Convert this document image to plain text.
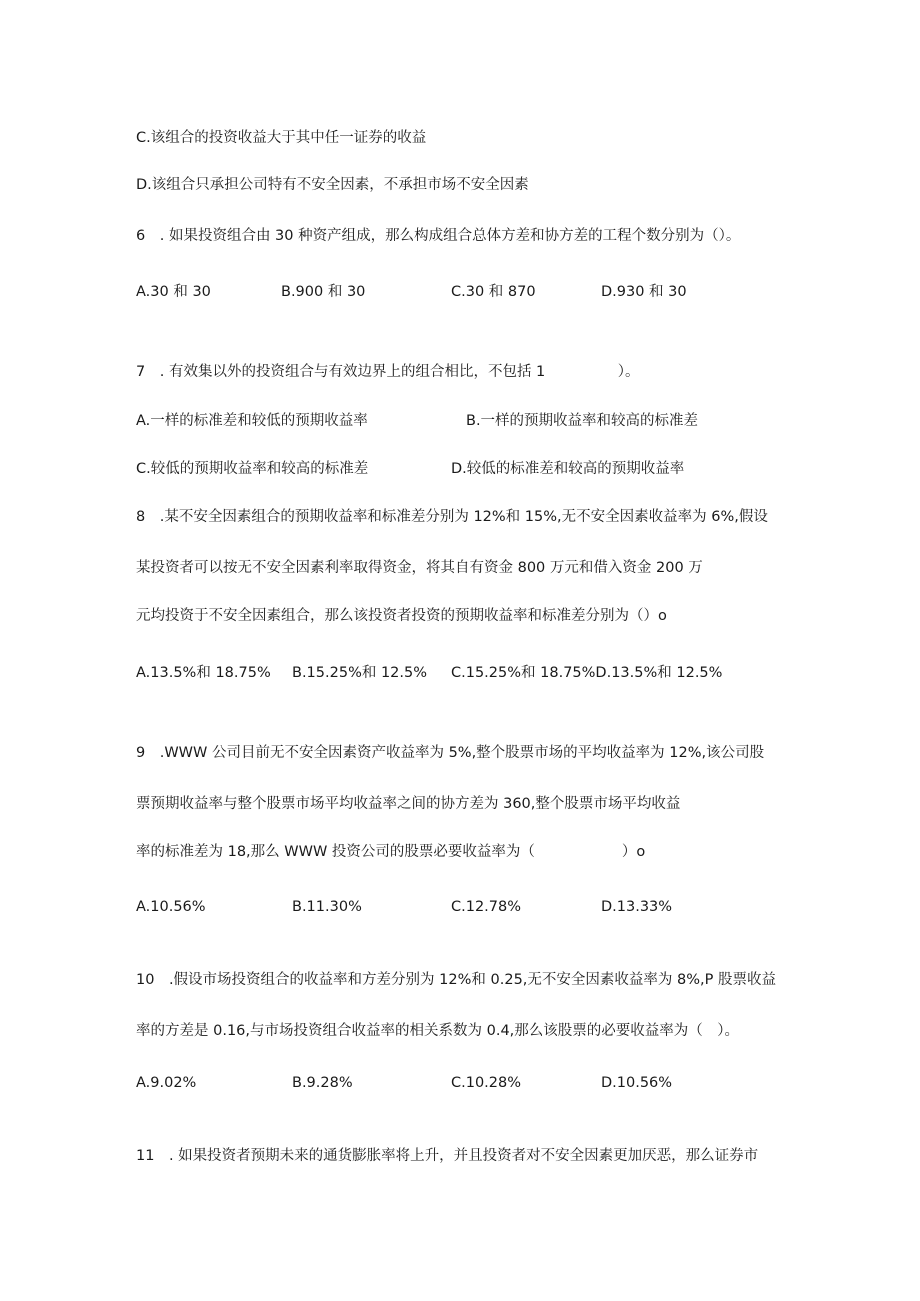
C.该组合的投资收益大于其中任一证券的收益
D.该组合只承担公司特有不安全因素，不承担市场不安全因素
6　. 如果投资组合由 30 种资产组成，那么构成组合总体方差和协方差的工程个数分别为（）。
A.30 和 30	B.900 和 30	C.30 和 870	D.930 和 30
7　. 有效集以外的投资组合与有效边界上的组合相比，不包括 1　　　　　）。
A.一样的标准差和较低的预期收益率	B.一样的预期收益率和较高的标准差
C.较低的预期收益率和较高的标准差	D.较低的标准差和较高的预期收益率
8　.某不安全因素组合的预期收益率和标准差分别为 12%和 15%,无不安全因素收益率为 6%,假设
某投资者可以按无不安全因素利率取得资金，将其自有资金 800 万元和借入资金 200 万
元均投资于不安全因素组合，那么该投资者投资的预期收益率和标准差分别为（）o
A.13.5%和 18.75% B.15.25%和 12.5% C.15.25%和 18.75%D.13.5%和 12.5%
9　.WWW 公司目前无不安全因素资产收益率为 5%,整个股票市场的平均收益率为 12%,该公司股
票预期收益率与整个股票市场平均收益率之间的协方差为 360,整个股票市场平均收益
率的标准差为 18,那么 WWW 投资公司的股票必要收益率为（　　　　　　）o
A.10.56%	B.11.30%	C.12.78%	D.13.33%
10　.假设市场投资组合的收益率和方差分别为 12%和 0.25,无不安全因素收益率为 8%,P 股票收益
率的方差是 0.16,与市场投资组合收益率的相关系数为 0.4,那么该股票的必要收益率为（　）。
A.9.02%	B.9.28%	C.10.28%	D.10.56%
11　. 如果投资者预期未来的通货膨胀率将上升，并且投资者对不安全因素更加厌恶，那么证券市
